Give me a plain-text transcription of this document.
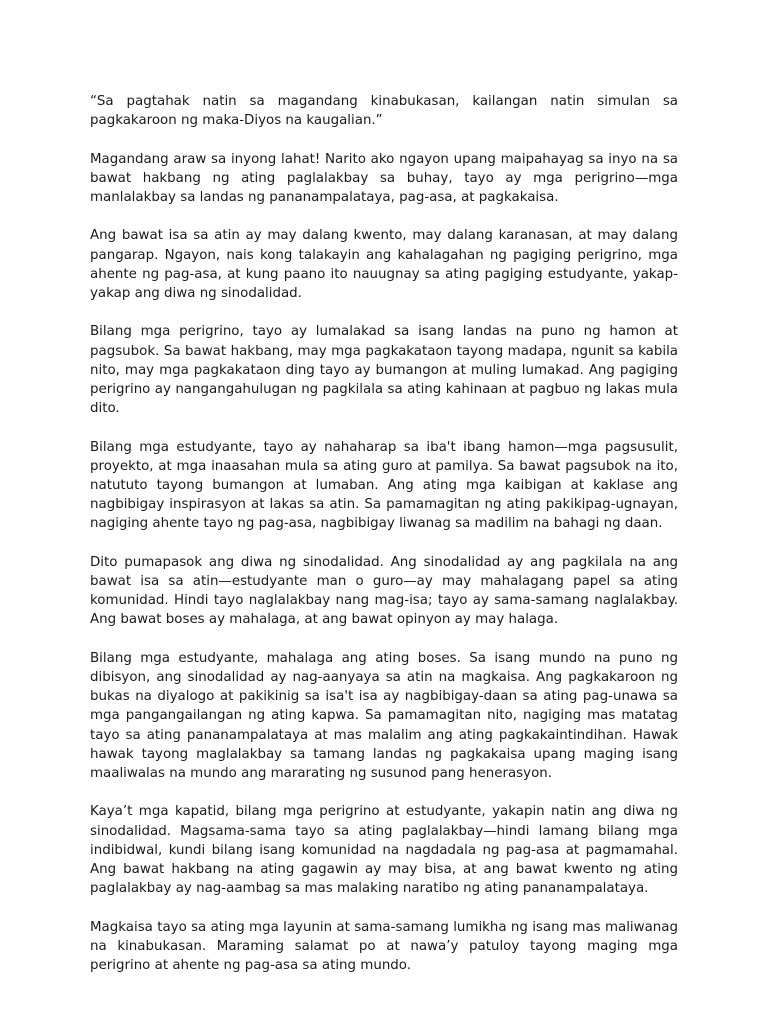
“Sa pagtahak natin sa magandang kinabukasan, kailangan natin simulan sa pagkakaroon ng maka-Diyos na kaugalian.”

Magandang araw sa inyong lahat! Narito ako ngayon upang maipahayag sa inyo na sa bawat hakbang ng ating paglalakbay sa buhay, tayo ay mga perigrino—mga manlalakbay sa landas ng pananampalataya, pag-asa, at pagkakaisa.

Ang bawat isa sa atin ay may dalang kwento, may dalang karanasan, at may dalang pangarap. Ngayon, nais kong talakayin ang kahalagahan ng pagiging perigrino, mga ahente ng pag-asa, at kung paano ito nauugnay sa ating pagiging estudyante, yakap-yakap ang diwa ng sinodalidad.

Bilang mga perigrino, tayo ay lumalakad sa isang landas na puno ng hamon at pagsubok. Sa bawat hakbang, may mga pagkakataon tayong madapa, ngunit sa kabila nito, may mga pagkakataon ding tayo ay bumangon at muling lumakad. Ang pagiging perigrino ay nangangahulugan ng pagkilala sa ating kahinaan at pagbuo ng lakas mula dito.

Bilang mga estudyante, tayo ay nahaharap sa iba't ibang hamon—mga pagsusulit, proyekto, at mga inaasahan mula sa ating guro at pamilya. Sa bawat pagsubok na ito, natututo tayong bumangon at lumaban. Ang ating mga kaibigan at kaklase ang nagbibigay inspirasyon at lakas sa atin. Sa pamamagitan ng ating pakikipag-ugnayan, nagiging ahente tayo ng pag-asa, nagbibigay liwanag sa madilim na bahagi ng daan.

Dito pumapasok ang diwa ng sinodalidad. Ang sinodalidad ay ang pagkilala na ang bawat isa sa atin—estudyante man o guro—ay may mahalagang papel sa ating komunidad. Hindi tayo naglalakbay nang mag-isa; tayo ay sama-samang naglalakbay. Ang bawat boses ay mahalaga, at ang bawat opinyon ay may halaga.

Bilang mga estudyante, mahalaga ang ating boses. Sa isang mundo na puno ng dibisyon, ang sinodalidad ay nag-aanyaya sa atin na magkaisa. Ang pagkakaroon ng bukas na diyalogo at pakikinig sa isa't isa ay nagbibigay-daan sa ating pag-unawa sa mga pangangailangan ng ating kapwa. Sa pamamagitan nito, nagiging mas matatag tayo sa ating pananampalataya at mas malalim ang ating pagkakaintindihan. Hawak hawak tayong maglalakbay sa tamang landas ng pagkakaisa upang maging isang maaliwalas na mundo ang mararating ng susunod pang henerasyon.

Kaya’t mga kapatid, bilang mga perigrino at estudyante, yakapin natin ang diwa ng sinodalidad. Magsama-sama tayo sa ating paglalakbay—hindi lamang bilang mga indibidwal, kundi bilang isang komunidad na nagdadala ng pag-asa at pagmamahal. Ang bawat hakbang na ating gagawin ay may bisa, at ang bawat kwento ng ating paglalakbay ay nag-aambag sa mas malaking naratibo ng ating pananampalataya.

Magkaisa tayo sa ating mga layunin at sama-samang lumikha ng isang mas maliwanag na kinabukasan. Maraming salamat po at nawa’y patuloy tayong maging mga perigrino at ahente ng pag-asa sa ating mundo.
